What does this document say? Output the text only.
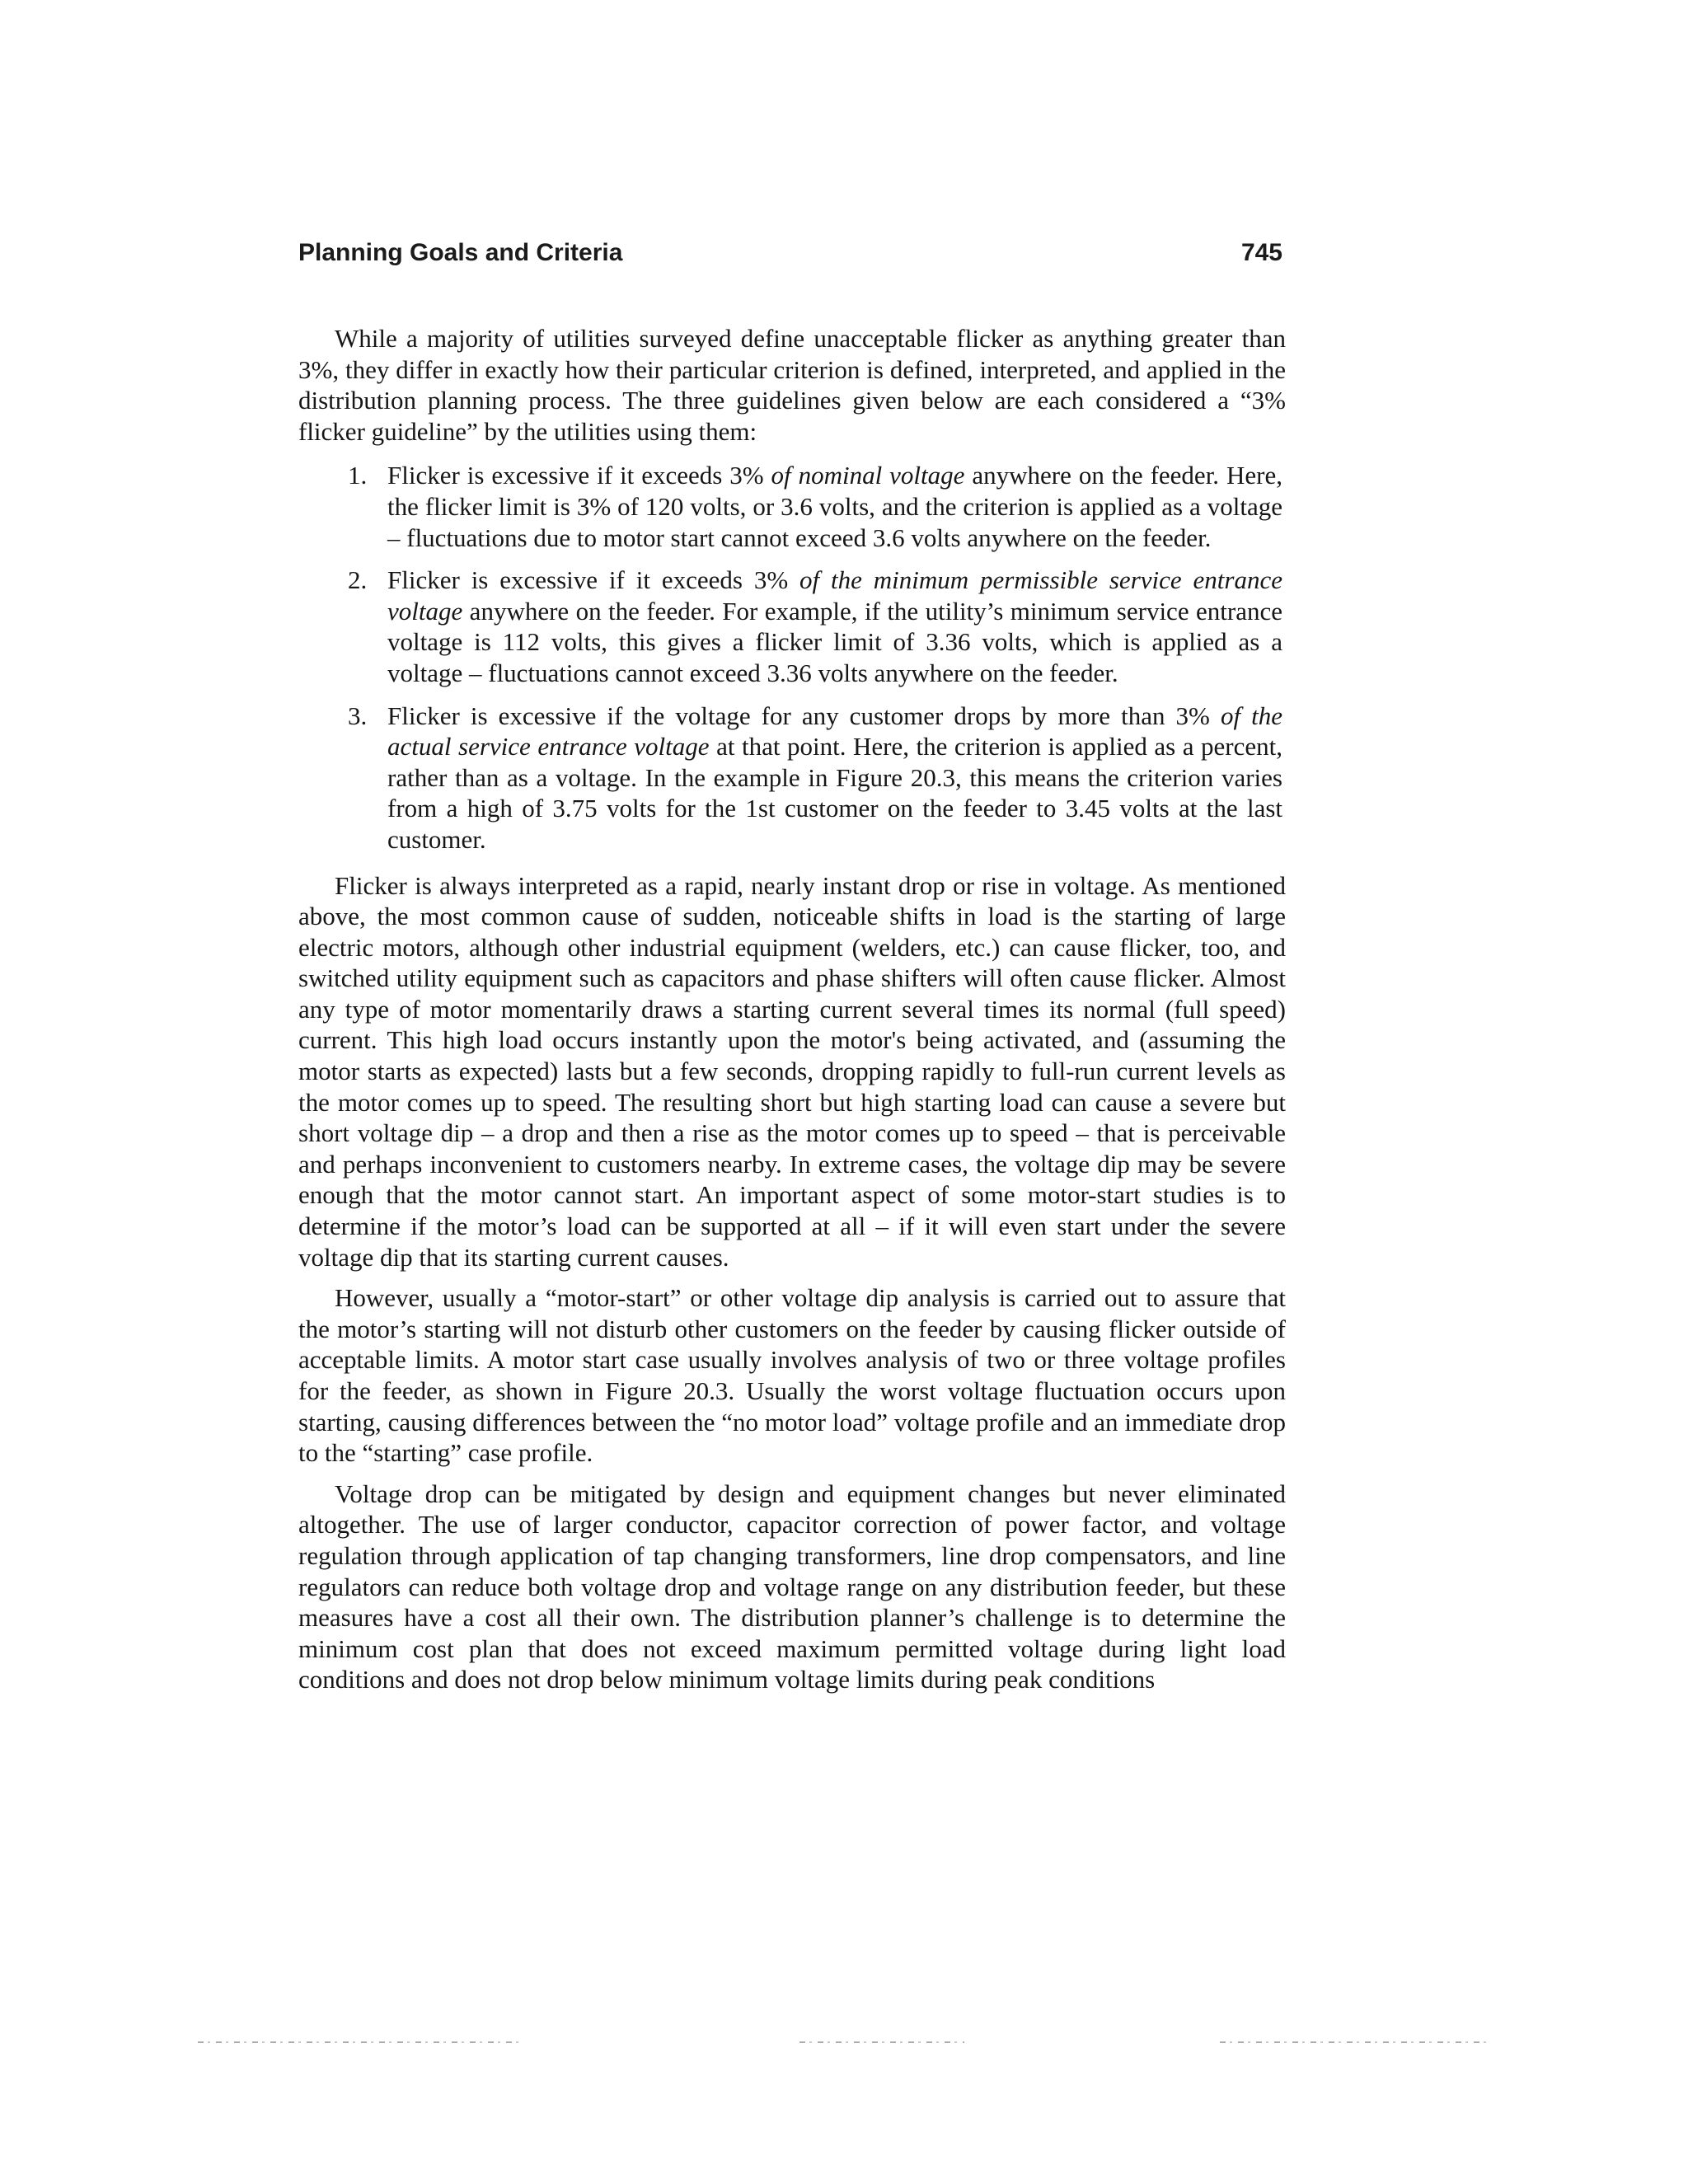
Planning Goals and Criteria	745

While a majority of utilities surveyed define unacceptable flicker as anything greater than 3%, they differ in exactly how their particular criterion is defined, interpreted, and applied in the distribution planning process. The three guidelines given below are each considered a “3% flicker guideline” by the utilities using them:

1. Flicker is excessive if it exceeds 3% of nominal voltage anywhere on the feeder. Here, the flicker limit is 3% of 120 volts, or 3.6 volts, and the criterion is applied as a voltage – fluctuations due to motor start cannot exceed 3.6 volts anywhere on the feeder.
2. Flicker is excessive if it exceeds 3% of the minimum permissible service entrance voltage anywhere on the feeder. For example, if the utility’s minimum service entrance voltage is 112 volts, this gives a flicker limit of 3.36 volts, which is applied as a voltage – fluctuations cannot exceed 3.36 volts anywhere on the feeder.
3. Flicker is excessive if the voltage for any customer drops by more than 3% of the actual service entrance voltage at that point. Here, the criterion is applied as a percent, rather than as a voltage. In the example in Figure 20.3, this means the criterion varies from a high of 3.75 volts for the 1st customer on the feeder to 3.45 volts at the last customer.

Flicker is always interpreted as a rapid, nearly instant drop or rise in voltage. As mentioned above, the most common cause of sudden, noticeable shifts in load is the starting of large electric motors, although other industrial equipment (welders, etc.) can cause flicker, too, and switched utility equipment such as capacitors and phase shifters will often cause flicker. Almost any type of motor momentarily draws a starting current several times its normal (full speed) current. This high load occurs instantly upon the motor's being activated, and (assuming the motor starts as expected) lasts but a few seconds, dropping rapidly to full-run current levels as the motor comes up to speed. The resulting short but high starting load can cause a severe but short voltage dip – a drop and then a rise as the motor comes up to speed – that is perceivable and perhaps inconvenient to customers nearby. In extreme cases, the voltage dip may be severe enough that the motor cannot start. An important aspect of some motor-start studies is to determine if the motor’s load can be supported at all – if it will even start under the severe voltage dip that its starting current causes.

However, usually a “motor-start” or other voltage dip analysis is carried out to assure that the motor’s starting will not disturb other customers on the feeder by causing flicker outside of acceptable limits. A motor start case usually involves analysis of two or three voltage profiles for the feeder, as shown in Figure 20.3. Usually the worst voltage fluctuation occurs upon starting, causing differences between the “no motor load” voltage profile and an immediate drop to the “starting” case profile.

Voltage drop can be mitigated by design and equipment changes but never eliminated altogether. The use of larger conductor, capacitor correction of power factor, and voltage regulation through application of tap changing transformers, line drop compensators, and line regulators can reduce both voltage drop and voltage range on any distribution feeder, but these measures have a cost all their own. The distribution planner’s challenge is to determine the minimum cost plan that does not exceed maximum permitted voltage during light load conditions and does not drop below minimum voltage limits during peak conditions
